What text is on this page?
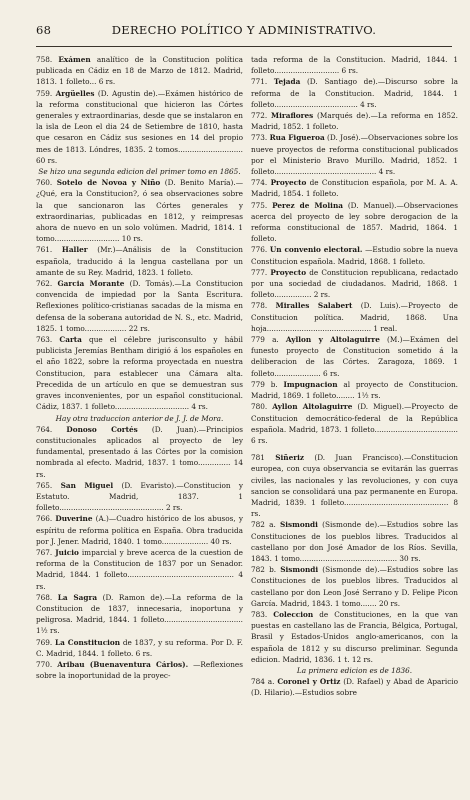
68	DERECHO POLÍTICO Y ADMINISTRATIVO.
758. Exámen analítico de la Constitucion política publicada en Cádiz en 18 de Marzo de 1812. Madrid, 1813. 1 folleto... 6 rs.
759. Argüelles (D. Agustin de).—Exámen histórico de la reforma constitucional que hicieron las Córtes generales y extraordinarias, desde que se instalaron en la isla de Leon el dia 24 de Setiembre de 1810, hasta que cesaron en Cádiz sus sesiones en 14 del propio mes de 1813. Lóndres, 1835. 2 tomos............................ 60 rs.
Se hizo una segunda edicion del primer tomo en 1865.
760. Sotelo de Novoa y Niño (D. Benito María).—¿Qué, era la Constitucion?, ó sea observaciones sobre la que sancionaron las Córtes generales y extraordinarias, publicadas en 1812, y reimpresas ahora de nuevo en un solo volúmen. Madrid, 1814. 1 tomo............................ 10 rs.
761. Haller (Mr.)—Análisis de la Constitucion española, traducido á la lengua castellana por un amante de su Rey. Madrid, 1823. 1 folleto.
762. Garcia Morante (D. Tomás).—La Constitucion convencida de impiedad por la Santa Escritura. Reflexiones político-cristianas sacadas de la misma en defensa de la soberana autoridad de N. S., etc. Madrid, 1825. 1 tomo.................. 22 rs.
763. Carta que el célebre jurisconsulto y hábil publicista Jeremías Bentham dirigió á los españoles en el año 1822, sobre la reforma proyectada en nuestra Constitucion, para establecer una Cámara alta. Precedida de un artículo en que se demuestran sus graves inconvenientes, por un español constitucional. Cádiz, 1837. 1 folleto................................ 4 rs.
Hay otra traduccion anterior de J. J. de Mora.
764. Donoso Cortés (D. Juan).—Principios constitucionales aplicados al proyecto de ley fundamental, presentado á las Córtes por la comision nombrada al efecto. Madrid, 1837. 1 tomo.............. 14 rs.
765. San Miguel (D. Evaristo).—Constitucion y Estatuto. Madrid, 1837. 1 folleto............................................. 2 rs.
766. Duverine (A.)—Cuadro histórico de los abusos, y espíritu de reforma política en España. Obra traducida por J. Jener. Madrid, 1840. 1 tomo.................... 40 rs.
767. Juicio imparcial y breve acerca de la cuestion de reforma de la Constitucion de 1837 por un Senador. Madrid, 1844. 1 folleto.............................................. 4 rs.
768. La Sagra (D. Ramon de).—La reforma de la Constitucion de 1837, innecesaria, inoportuna y peligrosa. Madrid, 1844. 1 folleto.................................. 1½ rs.
769. La Constitucion de 1837, y su reforma. Por D. F. C. Madrid, 1844. 1 folleto. 6 rs.
770. Aribau (Buenaventura Cárlos). —Reflexiones sobre la inoportunidad de la proyec-
tada reforma de la Constitucion. Madrid, 1844. 1 folleto............................ 6 rs.
771. Tejada (D. Santiago de).—Discurso sobre la reforma de la Constitucion. Madrid, 1844. 1 folleto.................................... 4 rs.
772. Miraflores (Marqués de).—La reforma en 1852. Madrid, 1852. 1 folleto.
773. Rua Figueroa (D. José).—Observaciones sobre los nueve proyectos de reforma constitucional publicados por el Ministerio Bravo Murillo. Madrid, 1852. 1 folleto............................................ 4 rs.
774. Proyecto de Constitucion española, por M. A. A. Madrid, 1854. 1 folleto.
775. Perez de Molina (D. Manuel).—Observaciones acerca del proyecto de ley sobre derogacion de la reforma constitucional de 1857. Madrid, 1864. 1 folleto.
776. Un convenio electoral. —Estudio sobre la nueva Constitucion española. Madrid, 1868. 1 folleto.
777. Proyecto de Constitucion republicana, redactado por una sociedad de ciudadanos. Madrid, 1868. 1 folleto................ 2 rs.
778. Miralles Salabert (D. Luis).—Proyecto de Constitucion política. Madrid, 1868. Una hoja............................................. 1 real.
779 a. Ayllon y Altolaguirre (M.)—Exámen del funesto proyecto de Constitucion sometido á la deliberacion de las Córtes. Zaragoza, 1869. 1 folleto.................... 6 rs.
779 b. Impugnacion al proyecto de Constitucion. Madrid, 1869. 1 folleto........ 1½ rs.
780. Ayllon Altolaguirre (D. Miguel).—Proyecto de Constitucion democrático-federal de la República española. Madrid, 1873. 1 folleto.................................... 6 rs.
781 Siñeriz (D. Juan Francisco).—Constitucion europea, con cuya observancia se evitarán las guerras civiles, las nacionales y las revoluciones, y con cuya sancion se consolidará una paz permanente en Europa. Madrid, 1839. 1 folleto............................................. 8 rs.
782 a. Sismondi (Sismonde de).—Estudios sobre las Constituciones de los pueblos libres. Traducidos al castellano por don José Amador de los Ríos. Sevilla, 1843. 1 tomo.......................................... 30 rs.
782 b. Sismondi (Sismonde de).—Estudios sobre las Constituciones de los pueblos libres. Traducidos al castellano por don Leon José Serrano y D. Felipe Picon García. Madrid, 1843. 1 tomo....... 20 rs.
783. Coleccion de Constituciones, en la que van puestas en castellano las de Francia, Bélgica, Portugal, Brasil y Estados-Unidos anglo-americanos, con la española de 1812 y su discurso preliminar. Segunda edicion. Madrid, 1836. 1 t. 12 rs.
La primera edicion es de 1836.
784 a. Coronel y Ortiz (D. Rafael) y Abad de Aparicio (D. Hilario).—Estudios sobre
